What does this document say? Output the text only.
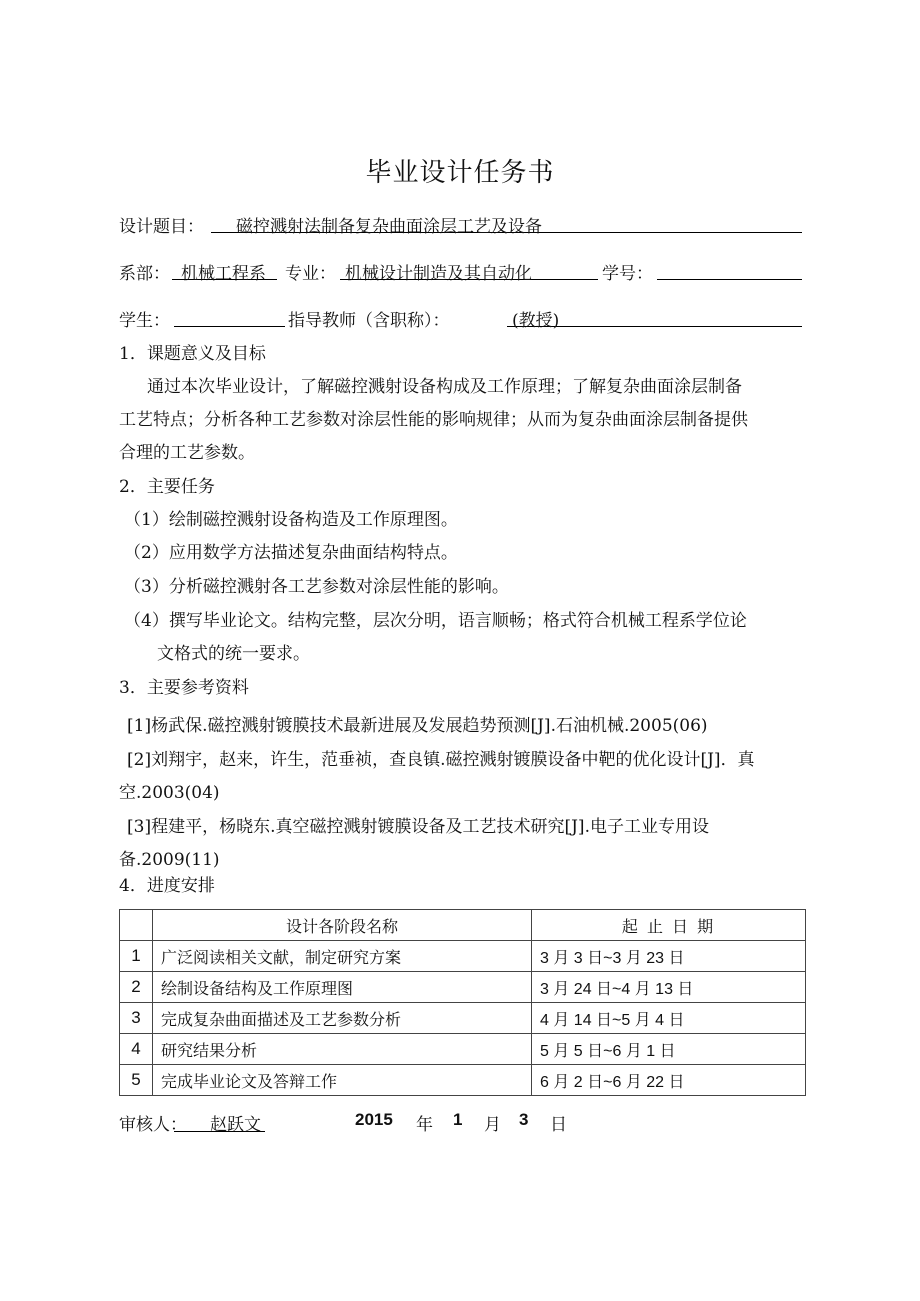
毕业设计任务书
设计题目： 磁控溅射法制备复杂曲面涂层工艺及设备
系部： 机械工程系 专业： 机械设计制造及其自动化	学号：
学生：	指导教师（含职称）：	(教授)
1．课题意义及目标
通过本次毕业设计，了解磁控溅射设备构成及工作原理；了解复杂曲面涂层制备
工艺特点；分析各种工艺参数对涂层性能的影响规律；从而为复杂曲面涂层制备提供
合理的工艺参数。
2．主要任务
（1）绘制磁控溅射设备构造及工作原理图。
（2）应用数学方法描述复杂曲面结构特点。
（3）分析磁控溅射各工艺参数对涂层性能的影响。
（4）撰写毕业论文。结构完整，层次分明，语言顺畅；格式符合机械工程系学位论
文格式的统一要求。
3．主要参考资料
[1]杨武保.磁控溅射镀膜技术最新进展及发展趋势预测[J].石油机械.2005(06)
[2]刘翔宇，赵来，许生，范垂祯，查良镇.磁控溅射镀膜设备中靶的优化设计[J]．真
空.2003(04)
[3]程建平，杨晓东.真空磁控溅射镀膜设备及工艺技术研究[J].电子工业专用设
备.2009(11)
4．进度安排
	设计各阶段名称	起 止 日 期
1	广泛阅读相关文献，制定研究方案	3 月 3 日~3 月 23 日
2	绘制设备结构及工作原理图	3 月 24 日~4 月 13 日
3	完成复杂曲面描述及工艺参数分析	4 月 14 日~5 月 4 日
4	研究结果分析	5 月 5 日~6 月 1 日
5	完成毕业论文及答辩工作	6 月 2 日~6 月 22 日
审核人： 赵跃文	2015 年 1 月 3 日
